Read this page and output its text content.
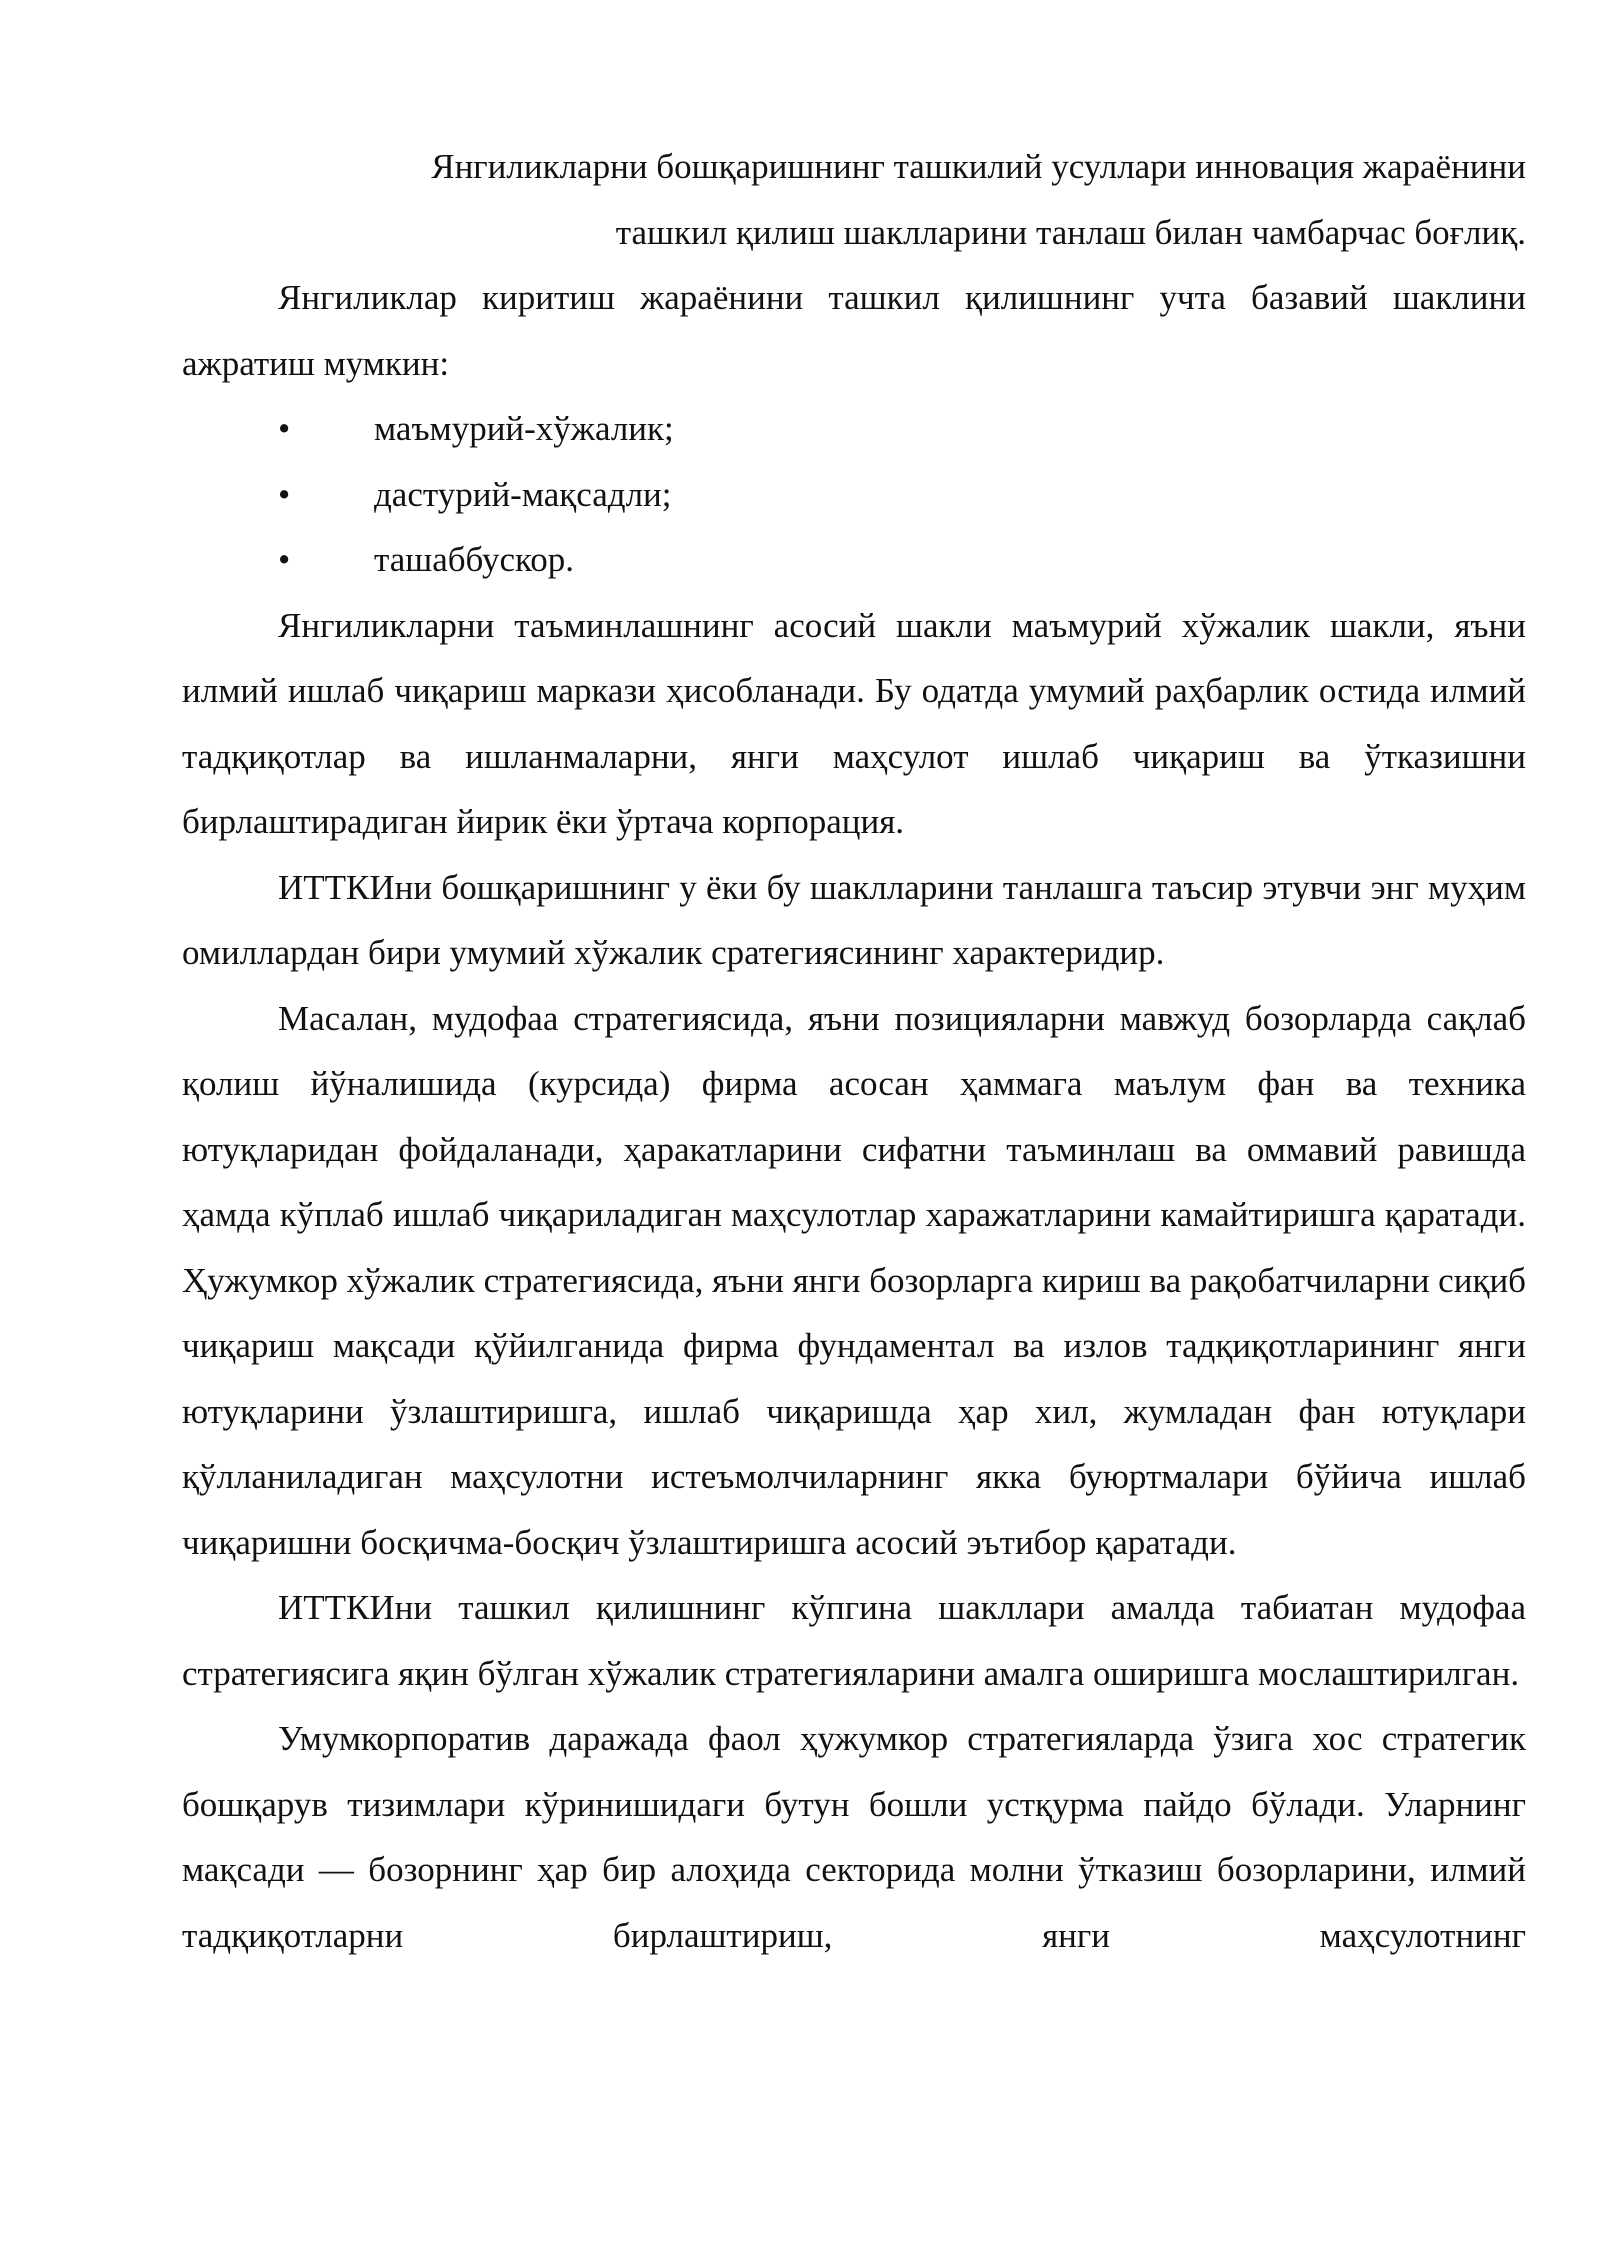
Янгиликларни бошқаришнинг ташкилий усуллари инновация жараёнини
ташкил қилиш шаклларини танлаш билан чамбарчас боғлиқ.

Янгиликлар киритиш жараёнини ташкил қилишнинг учта базавий шаклини ажратиш мумкин:

• маъмурий-хўжалик;
• дастурий-мақсадли;
• ташаббускор.

Янгиликларни таъминлашнинг асосий шакли маъмурий хўжалик шакли, яъни илмий ишлаб чиқариш маркази ҳисобланади. Бу одатда умумий раҳбарлик остида илмий тадқиқотлар ва ишланмаларни, янги маҳсулот ишлаб чиқариш ва ўтказишни бирлаштирадиган йирик ёки ўртача корпорация.

ИТТКИни бошқаришнинг у ёки бу шаклларини танлашга таъсир этувчи энг муҳим омиллардан бири умумий хўжалик сратегиясининг характеридир.

Масалан, мудофаа стратегиясида, яъни позицияларни мавжуд бозорларда сақлаб қолиш йўналишида (курсида) фирма асосан ҳаммага маълум фан ва техника ютуқларидан фойдаланади, ҳаракатларини сифатни таъминлаш ва оммавий равишда ҳамда кўплаб ишлаб чиқариладиган маҳсулотлар харажатларини камайтиришга қаратади. Ҳужумкор хўжалик стратегиясида, яъни янги бозорларга кириш ва рақобатчиларни сиқиб чиқариш мақсади қўйилганида фирма фундаментал ва излов тадқиқотларининг янги ютуқларини ўзлаштиришга, ишлаб чиқаришда ҳар хил, жумладан фан ютуқлари қўлланиладиган маҳсулотни истеъмолчиларнинг якка буюртмалари бўйича ишлаб чиқаришни босқичма-босқич ўзлаштиришга асосий эътибор қаратади.

ИТТКИни ташкил қилишнинг кўпгина шакллари амалда табиатан мудофаа стратегиясига яқин бўлган хўжалик стратегияларини амалга оширишга мослаштирилган.

Умумкорпоратив даражада фаол ҳужумкор стратегияларда ўзига хос стратегик бошқарув тизимлари кўринишидаги бутун бошли устқурма пайдо бўлади. Уларнинг мақсади — бозорнинг ҳар бир алоҳида секторида молни ўтказиш бозорларини, илмий тадқиқотларни бирлаштириш, янги маҳсулотнинг
